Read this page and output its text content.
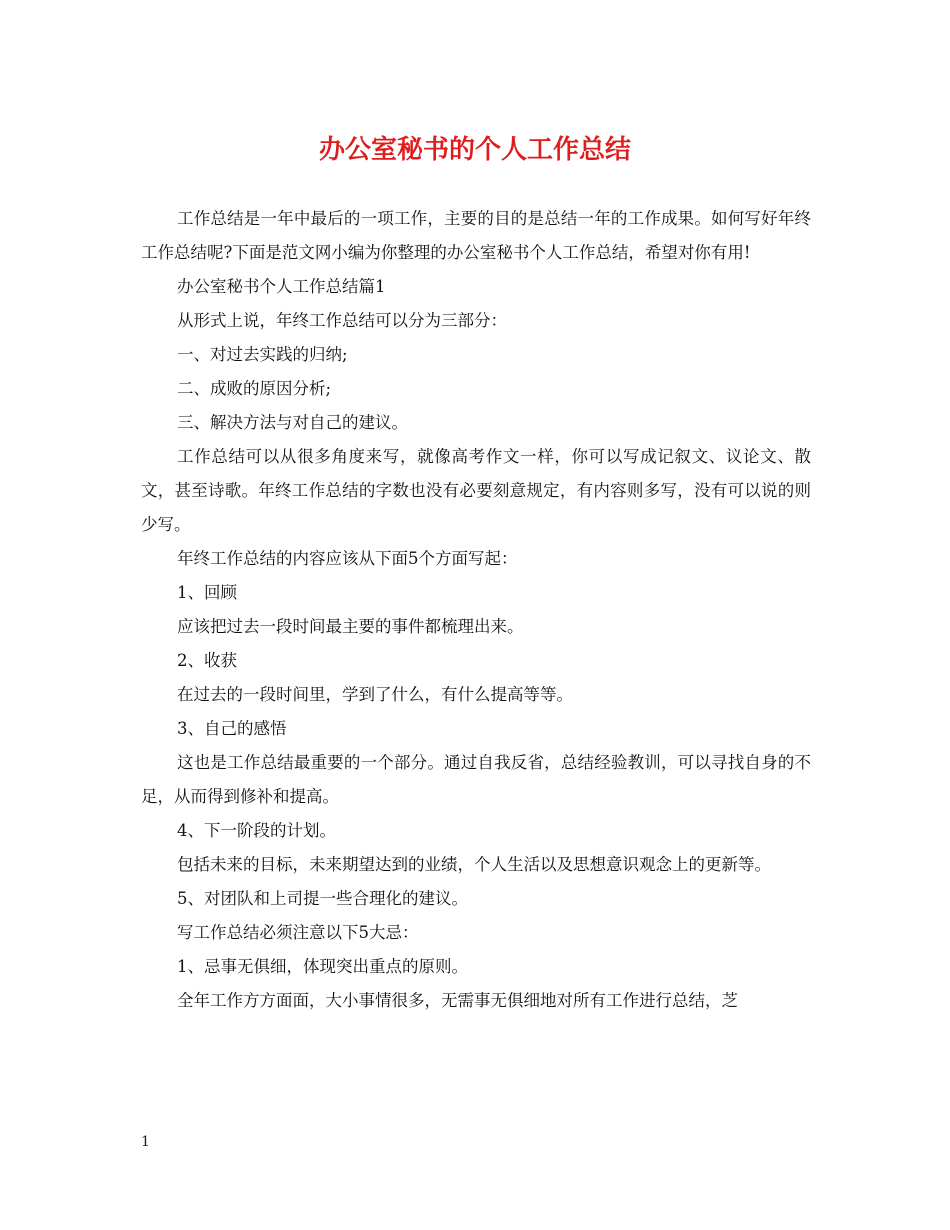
办公室秘书的个人工作总结

工作总结是一年中最后的一项工作，主要的目的是总结一年的工作成果。如何写好年终工作总结呢?下面是范文网小编为你整理的办公室秘书个人工作总结，希望对你有用!

办公室秘书个人工作总结篇1

从形式上说，年终工作总结可以分为三部分：

一、对过去实践的归纳;

二、成败的原因分析;

三、解决方法与对自己的建议。

工作总结可以从很多角度来写，就像高考作文一样，你可以写成记叙文、议论文、散文，甚至诗歌。年终工作总结的字数也没有必要刻意规定，有内容则多写，没有可以说的则少写。

年终工作总结的内容应该从下面5个方面写起：

1、回顾

应该把过去一段时间最主要的事件都梳理出来。

2、收获

在过去的一段时间里，学到了什么，有什么提高等等。

3、自己的感悟

这也是工作总结最重要的一个部分。通过自我反省，总结经验教训，可以寻找自身的不足，从而得到修补和提高。

4、下一阶段的计划。

包括未来的目标，未来期望达到的业绩，个人生活以及思想意识观念上的更新等。

5、对团队和上司提一些合理化的建议。

写工作总结必须注意以下5大忌：

1、忌事无俱细，体现突出重点的原则。

全年工作方方面面，大小事情很多，无需事无俱细地对所有工作进行总结，芝

1
